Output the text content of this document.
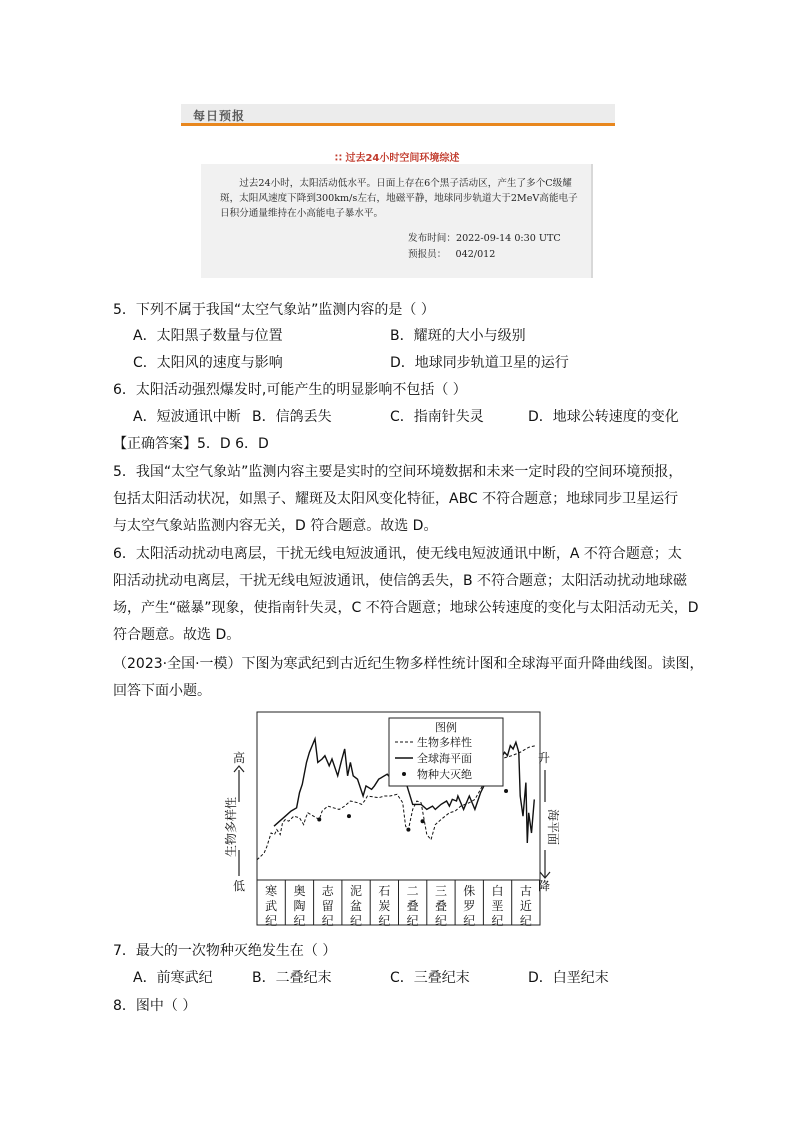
每日预报
∷ 过去24小时空间环境综述
过去24小时，太阳活动低水平。日面上存在6个黑子活动区，产生了多个C级耀斑，太阳风速度下降到300km/s左右，地磁平静，地球同步轨道大于2MeV高能电子日积分通量维持在小高能电子暴水平。
发布时间：2022-09-14 0:30 UTC
预报员：   042/012
5．下列不属于我国“太空气象站”监测内容的是（ ）
A．太阳黑子数量与位置	B．耀斑的大小与级别
C．太阳风的速度与影响	D．地球同步轨道卫星的运行
6．太阳活动强烈爆发时,可能产生的明显影响不包括（ ）
A．短波通讯中断 B．信鸽丢失	C．指南针失灵	D．地球公转速度的变化
【正确答案】5．D 6．D
5．我国“太空气象站”监测内容主要是实时的空间环境数据和未来一定时段的空间环境预报，
包括太阳活动状况，如黑子、耀斑及太阳风变化特征，ABC 不符合题意；地球同步卫星运行
与太空气象站监测内容无关，D 符合题意。故选 D。
6．太阳活动扰动电离层，干扰无线电短波通讯，使无线电短波通讯中断，A 不符合题意；太
阳活动扰动电离层，干扰无线电短波通讯，使信鸽丢失，B 不符合题意；太阳活动扰动地球磁
场，产生“磁暴”现象，使指南针失灵，C 不符合题意；地球公转速度的变化与太阳活动无关，D
符合题意。故选 D。
（2023·全国·一模）下图为寒武纪到古近纪生物多样性统计图和全球海平面升降曲线图。读图，
回答下面小题。
寒
武
纪
奥
陶
纪
志
留
纪
泥
盆
纪
石
炭
纪
二
叠
纪
三
叠
纪
侏
罗
纪
白
垩
纪
古
近
纪
高
低
生物多样性
升
降
海平面
图例
生物多样性
全球海平面
物种大灭绝
7．最大的一次物种灭绝发生在（ ）
A．前寒武纪	B．二叠纪末	C．三叠纪末	D．白垩纪末
8．图中（ ）
